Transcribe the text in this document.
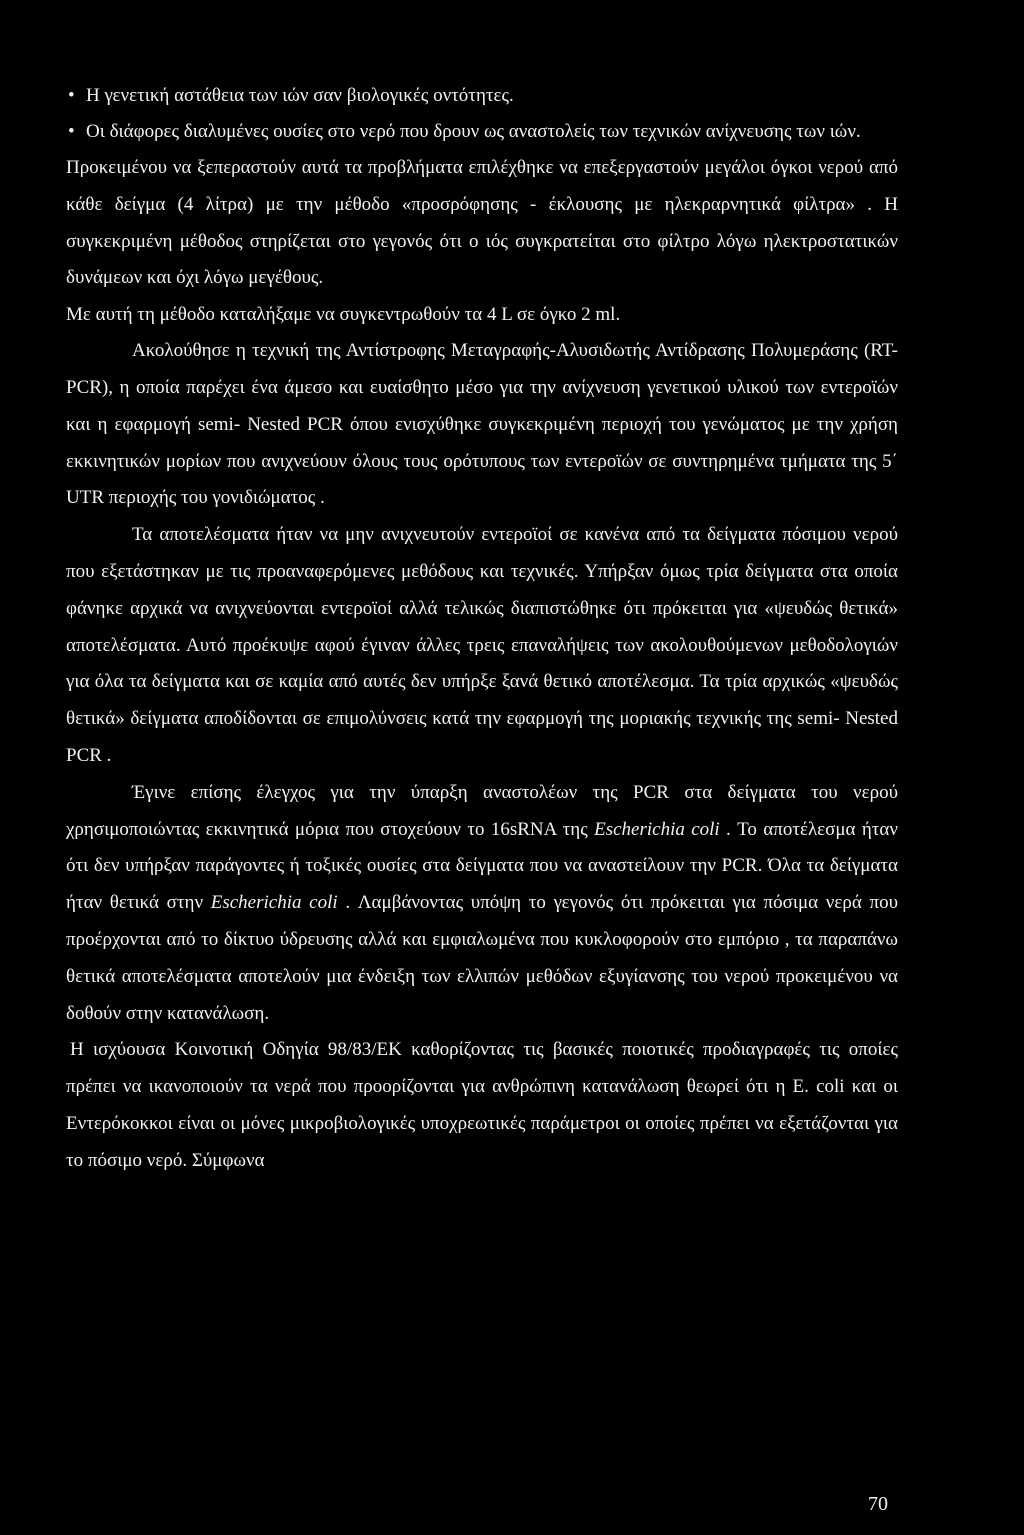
• Η γενετική αστάθεια των ιών σαν βιολογικές οντότητες.
• Οι διάφορες διαλυμένες ουσίες στο νερό που δρουν ως αναστολείς των τεχνικών ανίχνευσης των ιών.

Προκειμένου να ξεπεραστούν αυτά τα προβλήματα επιλέχθηκε να επεξεργαστούν μεγάλοι όγκοι νερού από κάθε δείγμα (4 λίτρα) με την μέθοδο «προσρόφησης - έκλουσης με ηλεκραρνητικά φίλτρα» . Η συγκεκριμένη μέθοδος στηρίζεται στο γεγονός ότι ο ιός συγκρατείται στο φίλτρο λόγω ηλεκτροστατικών δυνάμεων και όχι λόγω μεγέθους.

Με αυτή τη μέθοδο καταλήξαμε να συγκεντρωθούν τα 4 L σε όγκο 2 ml.

Ακολούθησε η τεχνική της Αντίστροφης Μεταγραφής-Αλυσιδωτής Αντίδρασης Πολυμεράσης (RT-PCR), η οποία παρέχει ένα άμεσο και ευαίσθητο μέσο για την ανίχνευση γενετικού υλικού των εντεροϊών και η εφαρμογή semi- Nested PCR όπου ενισχύθηκε συγκεκριμένη περιοχή του γενώματος με την χρήση εκκινητικών μορίων που ανιχνεύουν όλους τους ορότυπους των εντεροϊών σε συντηρημένα τμήματα της 5΄ UTR περιοχής του γονιδιώματος .

Τα αποτελέσματα ήταν να μην ανιχνευτούν εντεροϊοί σε κανένα από τα δείγματα πόσιμου νερού που εξετάστηκαν με τις προαναφερόμενες μεθόδους και τεχνικές. Υπήρξαν όμως τρία δείγματα στα οποία φάνηκε αρχικά να ανιχνεύονται εντεροϊοί αλλά τελικώς διαπιστώθηκε ότι πρόκειται για «ψευδώς θετικά» αποτελέσματα. Αυτό προέκυψε αφού έγιναν άλλες τρεις επαναλήψεις των ακολουθούμενων μεθοδολογιών για όλα τα δείγματα και σε καμία από αυτές δεν υπήρξε ξανά θετικό αποτέλεσμα. Τα τρία αρχικώς «ψευδώς θετικά» δείγματα αποδίδονται σε επιμολύνσεις κατά την εφαρμογή της μοριακής τεχνικής της semi- Nested PCR .

Έγινε επίσης έλεγχος για την ύπαρξη αναστολέων της PCR στα δείγματα του νερού χρησιμοποιώντας εκκινητικά μόρια που στοχεύουν το 16sRNA της Escherichia coli . Το αποτέλεσμα ήταν ότι δεν υπήρξαν παράγοντες ή τοξικές ουσίες στα δείγματα που να αναστείλουν την PCR. Όλα τα δείγματα ήταν θετικά στην Escherichia coli . Λαμβάνοντας υπόψη το γεγονός ότι πρόκειται για πόσιμα νερά που προέρχονται από το δίκτυο ύδρευσης αλλά και εμφιαλωμένα που κυκλοφορούν στο εμπόριο , τα παραπάνω θετικά αποτελέσματα αποτελούν μια ένδειξη των ελλιπών μεθόδων εξυγίανσης του νερού προκειμένου να δοθούν στην κατανάλωση.

Η ισχύουσα Κοινοτική Οδηγία 98/83/ΕΚ καθορίζοντας τις βασικές ποιοτικές προδιαγραφές τις οποίες πρέπει να ικανοποιούν τα νερά που προορίζονται για ανθρώπινη κατανάλωση θεωρεί ότι η E. coli και οι Εντερόκοκκοι είναι οι μόνες μικροβιολογικές υποχρεωτικές παράμετροι οι οποίες πρέπει να εξετάζονται για το πόσιμο νερό. Σύμφωνα

70
